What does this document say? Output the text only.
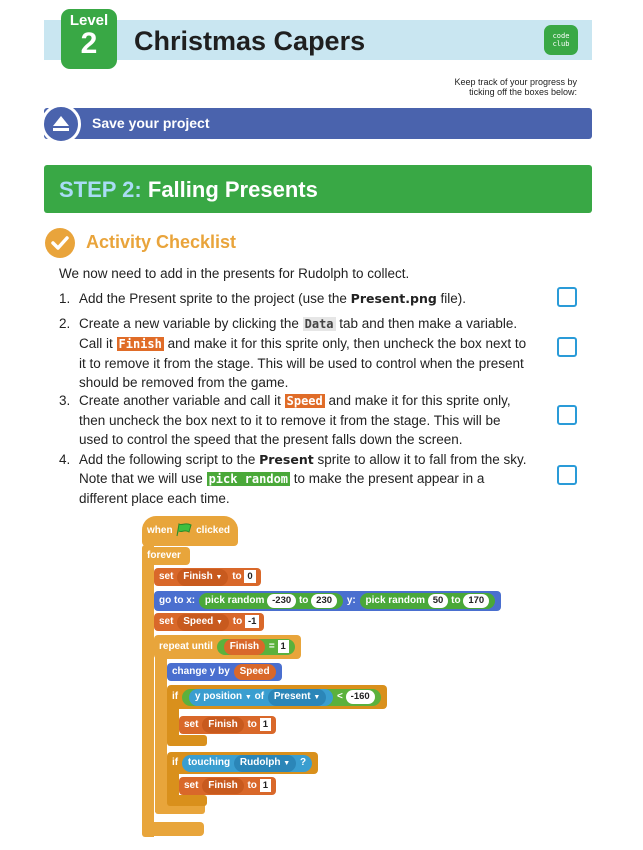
Level
2	Christmas Capers	code
club
Keep track of your progress by
ticking off the boxes below:
Save your project
STEP 2: Falling Presents
Activity Checklist
We now need to add in the presents for Rudolph to collect.
1. Add the Present sprite to the project (use the Present.png file).
2. Create a new variable by clicking the Data tab and then make a variable. Call it Finish and make it for this sprite only, then uncheck the box next to it to remove it from the stage. This will be used to control when the present should be removed from the game.
3. Create another variable and call it Speed and make it for this sprite only, then uncheck the box next to it to remove it from the stage. This will be used to control the speed that the present falls down the screen.
4. Add the following script to the Present sprite to allow it to fall from the sky. Note that we will use pick random to make the present appear in a different place each time.
when clicked
forever
set Finish ▼ to 0
go to x: pick random -230 to 230 y: pick random 50 to 170
set Speed ▼ to -1
repeat until Finish = 1
change y by Speed
if y position ▼ of Present ▼ < -160
set Finish to 1
if touching Rudolph ▼ ?
set Finish to 1
